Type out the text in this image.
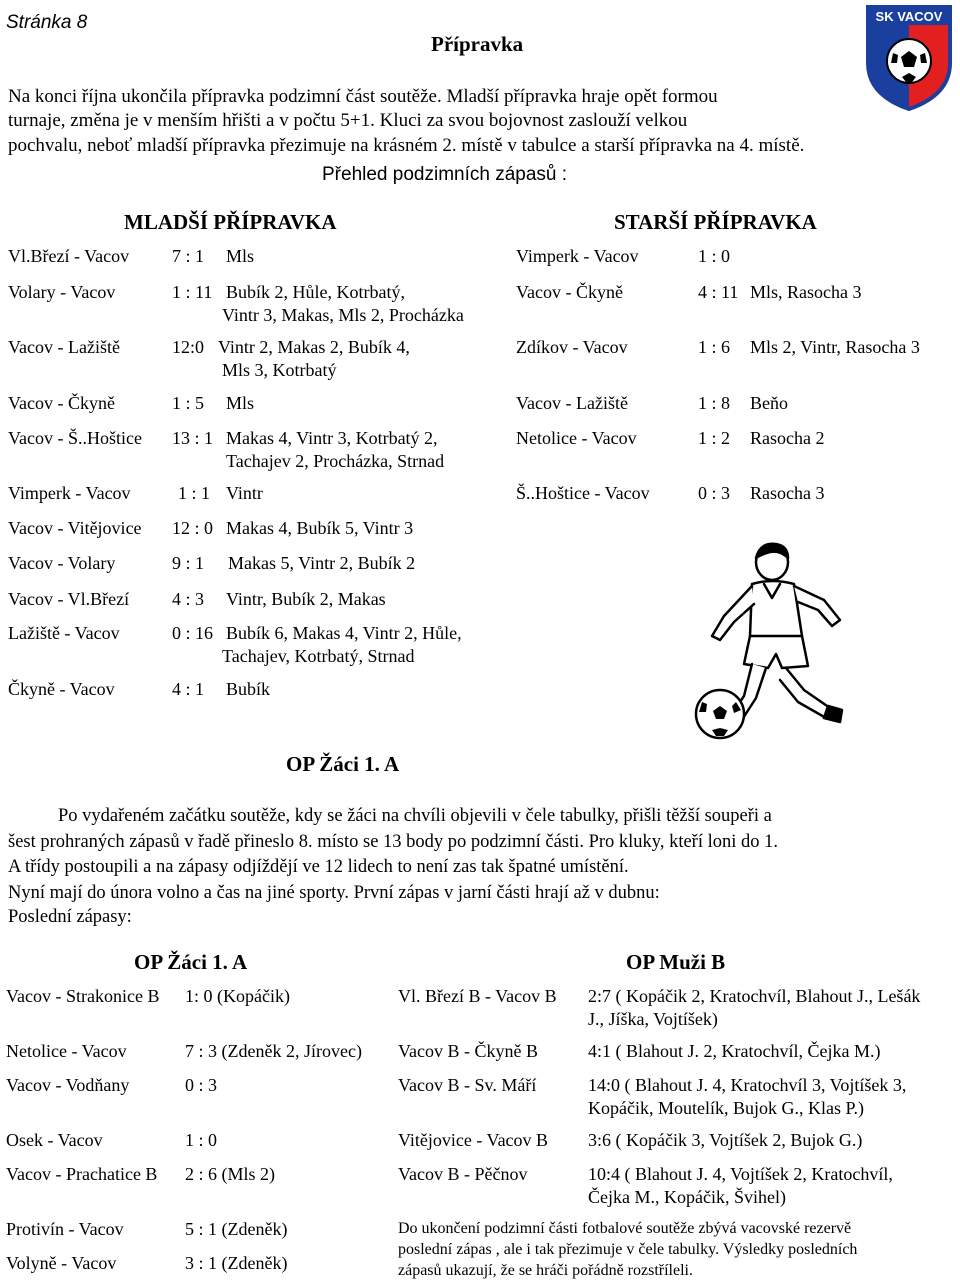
Stránka 8
Přípravka
SK VACOV
Na konci října ukončila přípravka podzimní část soutěže. Mladší přípravka hraje opět formou
turnaje, změna je v menším hřišti a v počtu 5+1. Kluci za svou bojovnost zaslouží velkou
pochvalu, neboť mladší přípravka přezimuje na krásném 2. místě v tabulce a starší přípravka na 4. místě.
Přehled podzimních zápasů :
MLADŠÍ PŘÍPRAVKA	STARŠÍ PŘÍPRAVKA
Vl.Březí - Vacov 7 : 1 Mls
Volary - Vacov	1 : 11 Bubík 2, Hůle, Kotrbatý,
Vintr 3, Makas, Mls 2, Procházka
Vacov - Lažiště	12:0 Vintr 2, Makas 2, Bubík 4,
Mls 3, Kotrbatý
Vacov - Čkyně	1 : 5 Mls
Vacov - Š..Hoštice 13 : 1 Makas 4, Vintr 3, Kotrbatý 2,
Tachajev 2, Procházka, Strnad
Vimperk - Vacov	1 : 1 Vintr
Vacov - Vitějovice 12 : 0 Makas 4, Bubík 5, Vintr 3
Vacov - Volary	9 : 1 Makas 5, Vintr 2, Bubík 2
Vacov - Vl.Březí 4 : 3 Vintr, Bubík 2, Makas
Lažiště - Vacov	0 : 16 Bubík 6, Makas 4, Vintr 2, Hůle,
Tachajev, Kotrbatý, Strnad
Čkyně - Vacov	4 : 1 Bubík
Vimperk - Vacov	1 : 0
Vacov - Čkyně	4 : 11 Mls, Rasocha 3
Zdíkov - Vacov	1 : 6 Mls 2, Vintr, Rasocha 3
Vacov - Lažiště	1 : 8 Beňo
Netolice - Vacov	1 : 2 Rasocha 2
Š..Hoštice - Vacov	0 : 3 Rasocha 3
OP Žáci 1. A
Po vydařeném začátku soutěže, kdy se žáci na chvíli objevili v čele tabulky, přišli těžší soupeři a
šest prohraných zápasů v řadě přineslo 8. místo se 13 body po podzimní části. Pro kluky, kteří loni do 1.
A třídy postoupili a na zápasy odjíždějí ve 12 lidech to není zas tak špatné umístění.
Nyní mají do února volno a čas na jiné sporty. První zápas v jarní části hrají až v dubnu:
Poslední zápasy:
OP Žáci 1. A	OP Muži B
Vacov - Strakonice B 1: 0 (Kopáčik)
Netolice - Vacov	7 : 3 (Zdeněk 2, Jírovec)
Vacov - Vodňany	0 : 3
Osek - Vacov	1 : 0
Vacov - Prachatice B 2 : 6 (Mls 2)
Protivín - Vacov	5 : 1 (Zdeněk)
Volyně - Vacov	3 : 1 (Zdeněk)
Vl. Březí B - Vacov B 2:7 ( Kopáčik 2, Kratochvíl, Blahout J., Lešák
J., Jíška, Vojtíšek)
Vacov B - Čkyně B	4:1 ( Blahout J. 2, Kratochvíl, Čejka M.)
Vacov B - Sv. Máří	14:0 ( Blahout J. 4, Kratochvíl 3, Vojtíšek 3,
Kopáčik, Moutelík, Bujok G., Klas P.)
Vitějovice - Vacov B 3:6 ( Kopáčik 3, Vojtíšek 2, Bujok G.)
Vacov B - Pěčnov	10:4 ( Blahout J. 4, Vojtíšek 2, Kratochvíl,
Čejka M., Kopáčik, Švihel)
Do ukončení podzimní části fotbalové soutěže zbývá vacovské rezervě
poslední zápas , ale i tak přezimuje v čele tabulky. Výsledky posledních
zápasů ukazují, že se hráči pořádně rozstříleli.
